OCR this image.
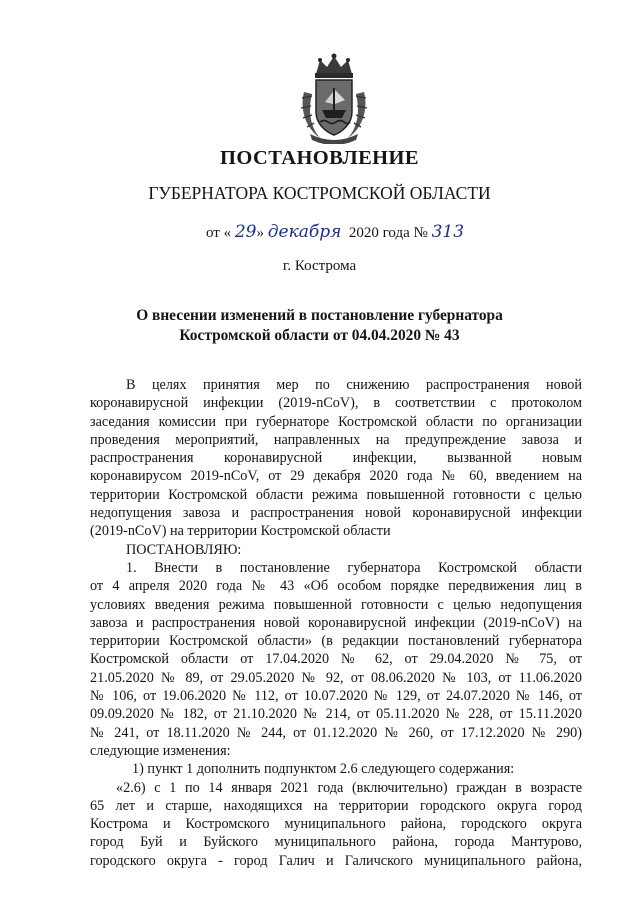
ПОСТАНОВЛЕНИЕ
ГУБЕРНАТОРА КОСТРОМСКОЙ ОБЛАСТИ
от « 29» декабря 2020 года № 313
г. Кострома
О внесении изменений в постановление губернатора
Костромской области от 04.04.2020 № 43
В целях принятия мер по снижению распространения новой
коронавирусной инфекции (2019-nCoV), в соответствии с протоколом
заседания комиссии при губернаторе Костромской области по организации
проведения мероприятий, направленных на предупреждение завоза и
распространения коронавирусной инфекции, вызванной новым
коронавирусом 2019-nCoV, от 29 декабря 2020 года № 60, введением на
территории Костромской области режима повышенной готовности с целью
недопущения завоза и распространения новой коронавирусной инфекции
(2019-nCoV) на территории Костромской области
ПОСТАНОВЛЯЮ:
1. Внести в постановление губернатора Костромской области
от 4 апреля 2020 года № 43 «Об особом порядке передвижения лиц в
условиях введения режима повышенной готовности с целью недопущения
завоза и распространения новой коронавирусной инфекции (2019-nCoV) на
территории Костромской области» (в редакции постановлений губернатора
Костромской области от 17.04.2020 № 62, от 29.04.2020 № 75, от
21.05.2020 № 89, от 29.05.2020 № 92, от 08.06.2020 № 103, от 11.06.2020
№ 106, от 19.06.2020 № 112, от 10.07.2020 № 129, от 24.07.2020 № 146, от
09.09.2020 № 182, от 21.10.2020 № 214, от 05.11.2020 № 228, от 15.11.2020
№ 241, от 18.11.2020 № 244, от 01.12.2020 № 260, от 17.12.2020 № 290)
следующие изменения:
1) пункт 1 дополнить подпунктом 2.6 следующего содержания:
«2.6) с 1 по 14 января 2021 года (включительно) граждан в возрасте
65 лет и старше, находящихся на территории городского округа город
Кострома и Костромского муниципального района, городского округа
город Буй и Буйского муниципального района, города Мантурово,
городского округа - город Галич и Галичского муниципального района,
